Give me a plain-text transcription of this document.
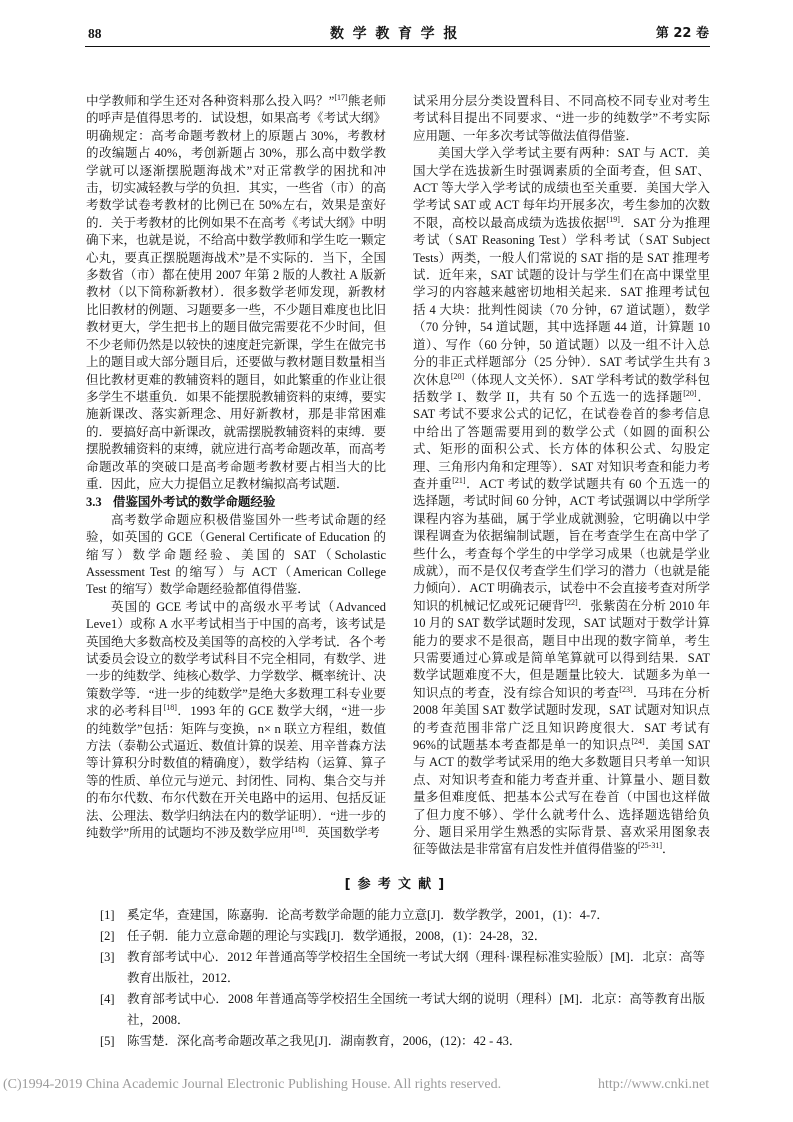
88	数学教育学报	第 22 卷

中学教师和学生还对各种资料那么投入吗？”[17]熊老师的呼声是值得思考的．试设想，如果高考《考试大纲》明确规定：高考命题考教材上的原题占 30%，考教材的改编题占 40%，考创新题占 30%，那么高中数学教学就可以逐渐摆脱题海战术”对正常教学的困扰和冲击，切实减轻教与学的负担．其实，一些省（市）的高考数学试卷考教材的比例已在 50%左右，效果是蛮好的．关于考教材的比例如果不在高考《考试大纲》中明确下来，也就是说，不给高中数学教师和学生吃一颗定心丸，要真正摆脱题海战术”是不实际的．当下，全国多数省（市）都在使用 2007 年第 2 版的人教社 A 版新教材（以下简称新教材）．很多数学老师发现，新教材比旧教材的例题、习题要多一些，不少题目难度也比旧教材更大，学生把书上的题目做完需要花不少时间，但不少老师仍然是以较快的速度赶完新课，学生在做完书上的题目或大部分题目后，还要做与教材题目数量相当但比教材更难的教辅资料的题目，如此繁重的作业让很多学生不堪重负．如果不能摆脱教辅资料的束缚，要实施新课改、落实新理念、用好新教材，那是非常困难的．要搞好高中新课改，就需摆脱教辅资料的束缚．要摆脱教辅资料的束缚，就应进行高考命题改革，而高考命题改革的突破口是高考命题考教材要占相当大的比重．因此，应大力提倡立足教材编拟高考试题．

3.3 借鉴国外考试的数学命题经验

高考数学命题应积极借鉴国外一些考试命题的经验，如英国的 GCE（General Certificate of Education 的缩写）数学命题经验、美国的 SAT（Scholastic Assessment Test 的缩写）与 ACT（American College Test 的缩写）数学命题经验都值得借鉴．

英国的 GCE 考试中的高级水平考试（Advanced Leve1）或称 A 水平考试相当于中国的高考，该考试是英国绝大多数高校及美国等的高校的入学考试．各个考试委员会设立的数学考试科目不完全相同，有数学、进一步的纯数学、纯核心数学、力学数学、概率统计、决策数学等．“进一步的纯数学”是绝大多数理工科专业要求的必考科目[18]．1993 年的 GCE 数学大纲，“进一步的纯数学”包括：矩阵与变换，n× n 联立方程组，数值方法（泰勒公式逼近、数值计算的误差、用辛普森方法等计算积分时数值的精确度），数学结构（运算、算子等的性质、单位元与逆元、封闭性、同构、集合交与并的布尔代数、布尔代数在开关电路中的运用、包括反证法、公理法、数学归纳法在内的数学证明）．“进一步的纯数学”所用的试题均不涉及数学应用[18]．英国数学考

试采用分层分类设置科目、不同高校不同专业对考生考试科目提出不同要求、“进一步的纯数学”不考实际应用题、一年多次考试等做法值得借鉴．

美国大学入学考试主要有两种：SAT 与 ACT．美国大学在选拔新生时强调素质的全面考查，但 SAT、ACT 等大学入学考试的成绩也至关重要．美国大学入学考试 SAT 或 ACT 每年均开展多次，考生参加的次数不限，高校以最高成绩为选拔依据[19]．SAT 分为推理考试（SAT Reasoning Test）学科考试（SAT Subject Tests）两类，一般人们常说的 SAT 指的是 SAT 推理考试．近年来，SAT 试题的设计与学生们在高中课堂里学习的内容越来越密切地相关起来．SAT 推理考试包括 4 大块：批判性阅读（70 分钟，67 道试题），数学（70 分钟，54 道试题，其中选择题 44 道，计算题 10 道）、写作（60 分钟，50 道试题）以及一组不计入总分的非正式样题部分（25 分钟）．SAT 考试学生共有 3 次休息[20]（体现人文关怀）．SAT 学科考试的数学科包括数学 I、数学 II，共有 50 个五选一的选择题[20]．SAT 考试不要求公式的记忆，在试卷卷首的参考信息中给出了答题需要用到的数学公式（如圆的面积公式、矩形的面积公式、长方体的体积公式、勾股定理、三角形内角和定理等）．SAT 对知识考查和能力考查并重[21]．ACT 考试的数学试题共有 60 个五选一的选择题，考试时间 60 分钟，ACT 考试强调以中学所学课程内容为基础，属于学业成就测验，它明确以中学课程调查为依据编制试题，旨在考查学生在高中学了些什么，考查每个学生的中学学习成果（也就是学业成就），而不是仅仅考查学生们学习的潜力（也就是能力倾向）．ACT 明确表示，试卷中不会直接考查对所学知识的机械记忆或死记硬背[22]．张紫茵在分析 2010 年 10 月的 SAT 数学试题时发现，SAT 试题对于数学计算能力的要求不是很高，题目中出现的数字简单，考生只需要通过心算或是简单笔算就可以得到结果．SAT 数学试题难度不大，但是题量比较大．试题多为单一知识点的考查，没有综合知识的考查[23]．马玮在分析 2008 年美国 SAT 数学试题时发现，SAT 试题对知识点的考查范围非常广泛且知识跨度很大．SAT 考试有 96%的试题基本考查都是单一的知识点[24]．美国 SAT 与 ACT 的数学考试采用的绝大多数题目只考单一知识点、对知识考查和能力考查并重、计算量小、题目数量多但难度低、把基本公式写在卷首（中国也这样做了但力度不够）、学什么就考什么、选择题选错给负分、题目采用学生熟悉的实际背景、喜欢采用图象表征等做法是非常富有启发性并值得借鉴的[25-31]．

[参考文献]
[1] 奚定华，查建国，陈嘉驹．论高考数学命题的能力立意[J]．数学教学，2001，(1)：4-7．
[2] 任子朝．能力立意命题的理论与实践[J]．数学通报，2008，(1)：24-28，32．
[3] 教育部考试中心．2012 年普通高等学校招生全国统一考试大纲（理科·课程标准实验版）[M]．北京：高等教育出版社，2012．
[4] 教育部考试中心．2008 年普通高等学校招生全国统一考试大纲的说明（理科）[M]．北京：高等教育出版社，2008．
[5] 陈雪楚．深化高考命题改革之我见[J]．湖南教育，2006，(12)：42 - 43．
(C)1994-2019 China Academic Journal Electronic Publishing House. All rights reserved.	http://www.cnki.net
